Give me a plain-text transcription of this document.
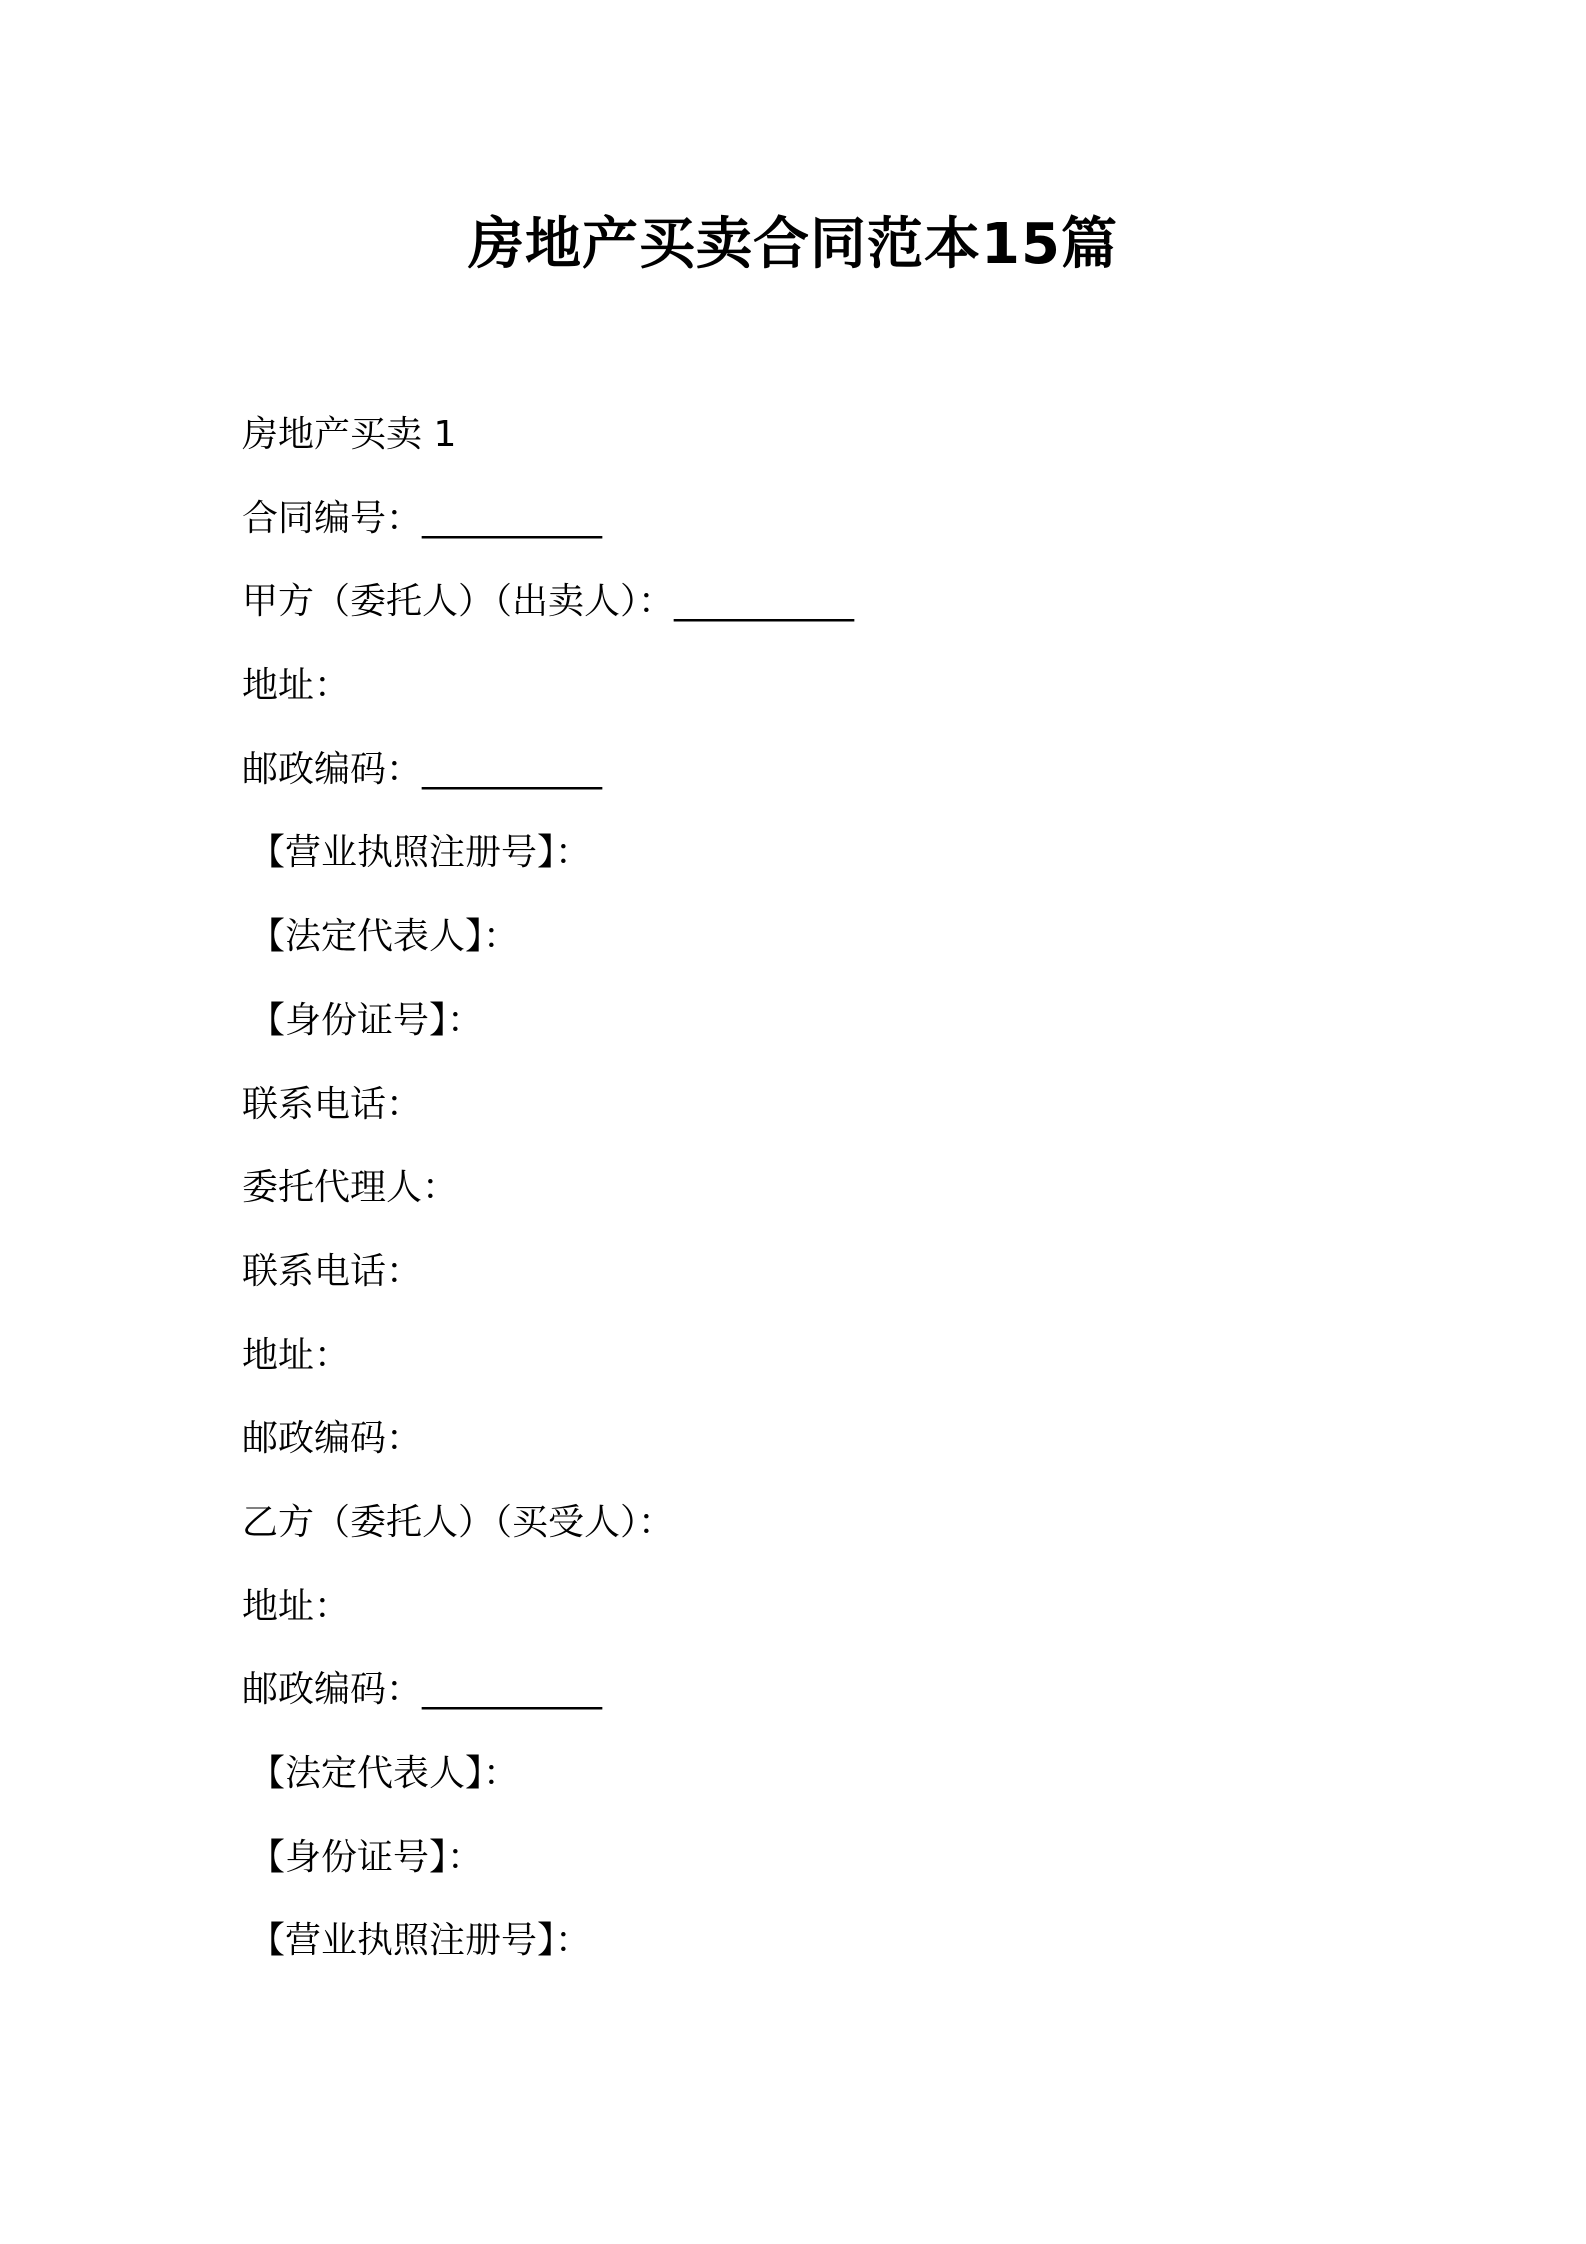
房地产买卖合同范本15篇
房地产买卖 1
合同编号：__________
甲方（委托人）（出卖人）：__________
地址：
邮政编码：__________
【营业执照注册号】：
【法定代表人】：
【身份证号】：
联系电话：
委托代理人：
联系电话：
地址：
邮政编码：
乙方（委托人）（买受人）：
地址：
邮政编码：__________
【法定代表人】：
【身份证号】：
【营业执照注册号】：
